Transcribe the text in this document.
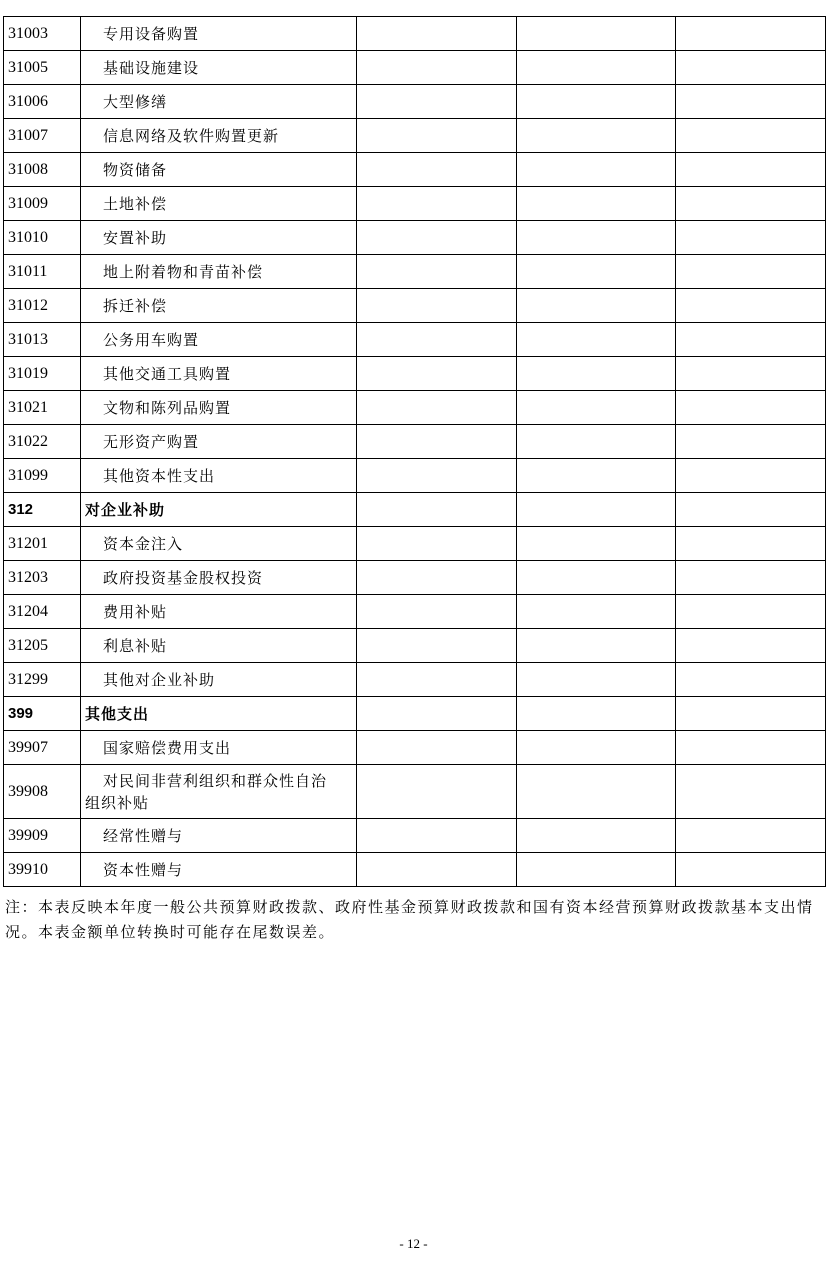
31003	专用设备购置			
31005	基础设施建设			
31006	大型修缮			
31007	信息网络及软件购置更新			
31008	物资储备			
31009	土地补偿			
31010	安置补助			
31011	地上附着物和青苗补偿			
31012	拆迁补偿			
31013	公务用车购置			
31019	其他交通工具购置			
31021	文物和陈列品购置			
31022	无形资产购置			
31099	其他资本性支出			
312	对企业补助			
31201	资本金注入			
31203	政府投资基金股权投资			
31204	费用补贴			
31205	利息补贴			
31299	其他对企业补助			
399	其他支出			
39907	国家赔偿费用支出			
39908	对民间非营利组织和群众性自治
组织补贴			

39909	经常性赠与			
39910	资本性赠与			
注：本表反映本年度一般公共预算财政拨款、政府性基金预算财政拨款和国有资本经营预算财政拨款基本支出情况。本表金额单位转换时可能存在尾数误差。
- 12 -
